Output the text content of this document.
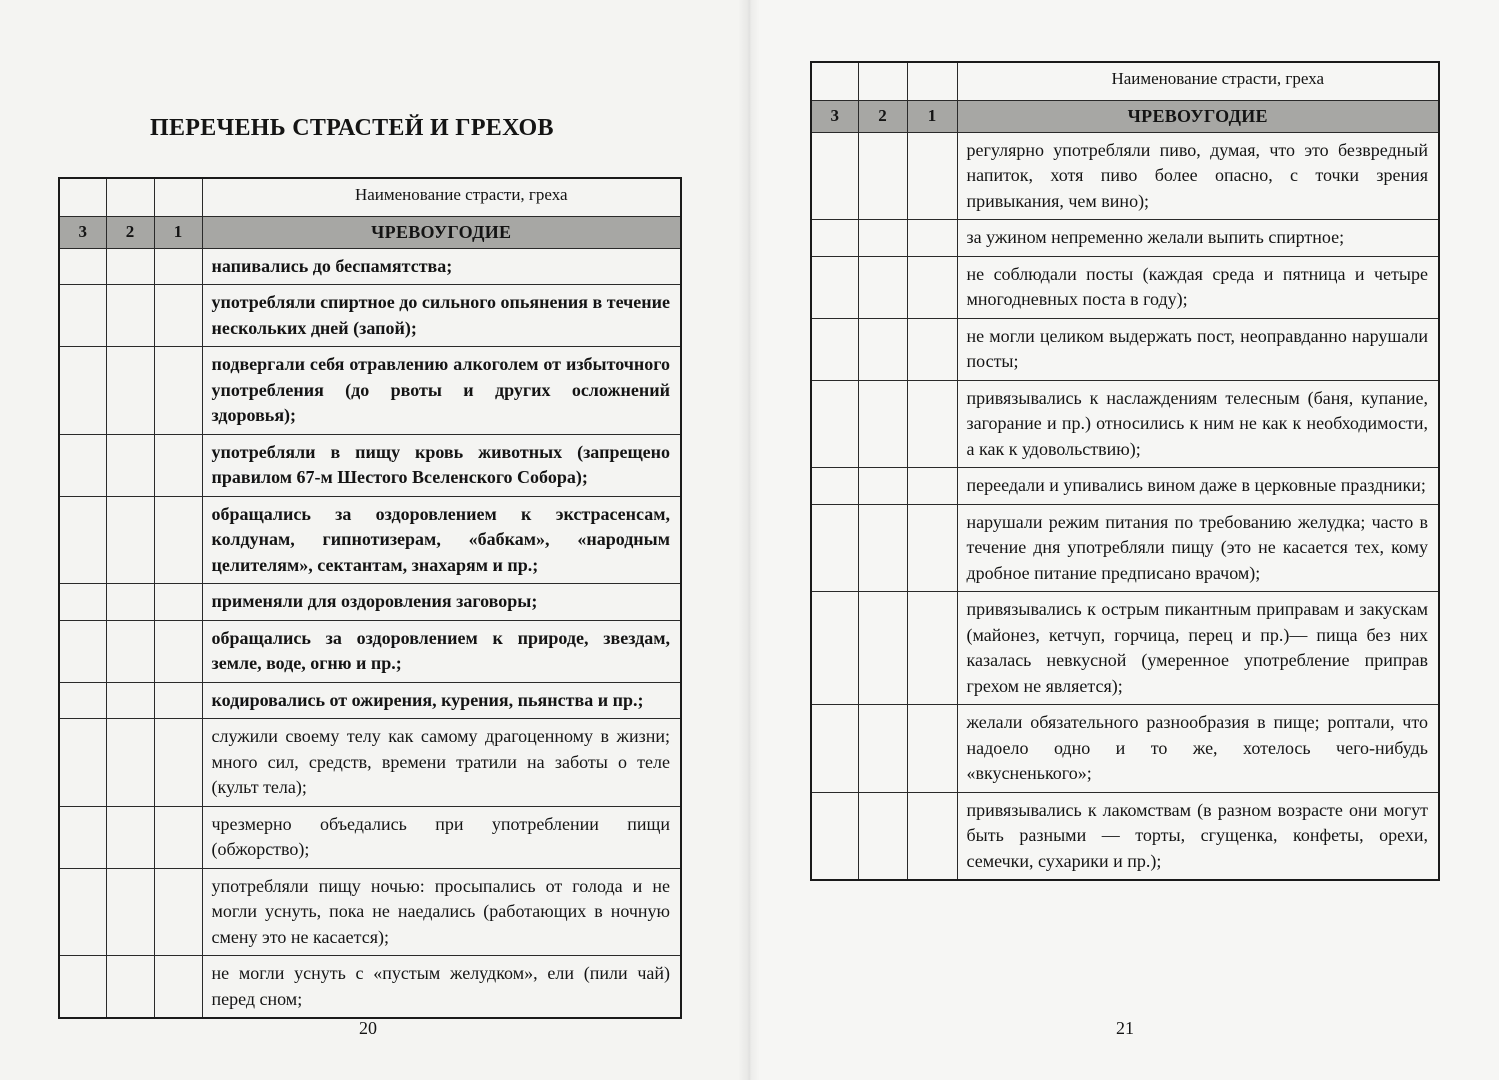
ПЕРЕЧЕНЬ СТРАСТЕЙ И ГРЕХОВ
			Наименование страсти, греха
3	2	1	ЧРЕВОУГОДИЕ
			напивались до беспамятства;
			употребляли спиртное до сильного опьянения в течение нескольких дней (запой);
			подвергали себя отравлению алкоголем от избыточного употребления (до рвоты и других осложнений здоровья);
			употребляли в пищу кровь животных (запрещено правилом 67-м Шестого Вселенского Собора);
			обращались за оздоровлением к экстрасенсам, колдунам, гипнотизерам, «бабкам», «народным целителям», сектантам, знахарям и пр.;
			применяли для оздоровления заговоры;
			обращались за оздоровлением к природе, звездам, земле, воде, огню и пр.;
			кодировались от ожирения, курения, пьянства и пр.;
			служили своему телу как самому драгоценному в жизни; много сил, средств, времени тратили на заботы о теле (культ тела);
			чрезмерно объедались при употреблении пищи (обжорство);
			употребляли пищу ночью: просыпались от голода и не могли уснуть, пока не наедались (работающих в ночную смену это не касается);
			не могли уснуть с «пустым желудком», ели (пили чай) перед сном;
20
			Наименование страсти, греха
3	2	1	ЧРЕВОУГОДИЕ
			регулярно употребляли пиво, думая, что это безвредный напиток, хотя пиво более опасно, с точки зрения привыкания, чем вино);
			за ужином непременно желали выпить спиртное;
			не соблюдали посты (каждая среда и пятница и четыре многодневных поста в году);
			не могли целиком выдержать пост, неоправданно нарушали посты;
			привязывались к наслаждениям телесным (баня, купание, загорание и пр.) относились к ним не как к необходимости, а как к удовольствию);
			переедали и упивались вином даже в церковные праздники;
			нарушали режим питания по требованию желудка; часто в течение дня употребляли пищу (это не касается тех, кому дробное питание предписано врачом);
			привязывались к острым пикантным приправам и закускам (майонез, кетчуп, горчица, перец и пр.)— пища без них казалась невкусной (умеренное употребление приправ грехом не является);
			желали обязательного разнообразия в пище; роптали, что надоело одно и то же, хотелось чего-нибудь «вкусненького»;
			привязывались к лакомствам (в разном возрасте они могут быть разными — торты, сгущенка, конфеты, орехи, семечки, сухарики и пр.);
21
